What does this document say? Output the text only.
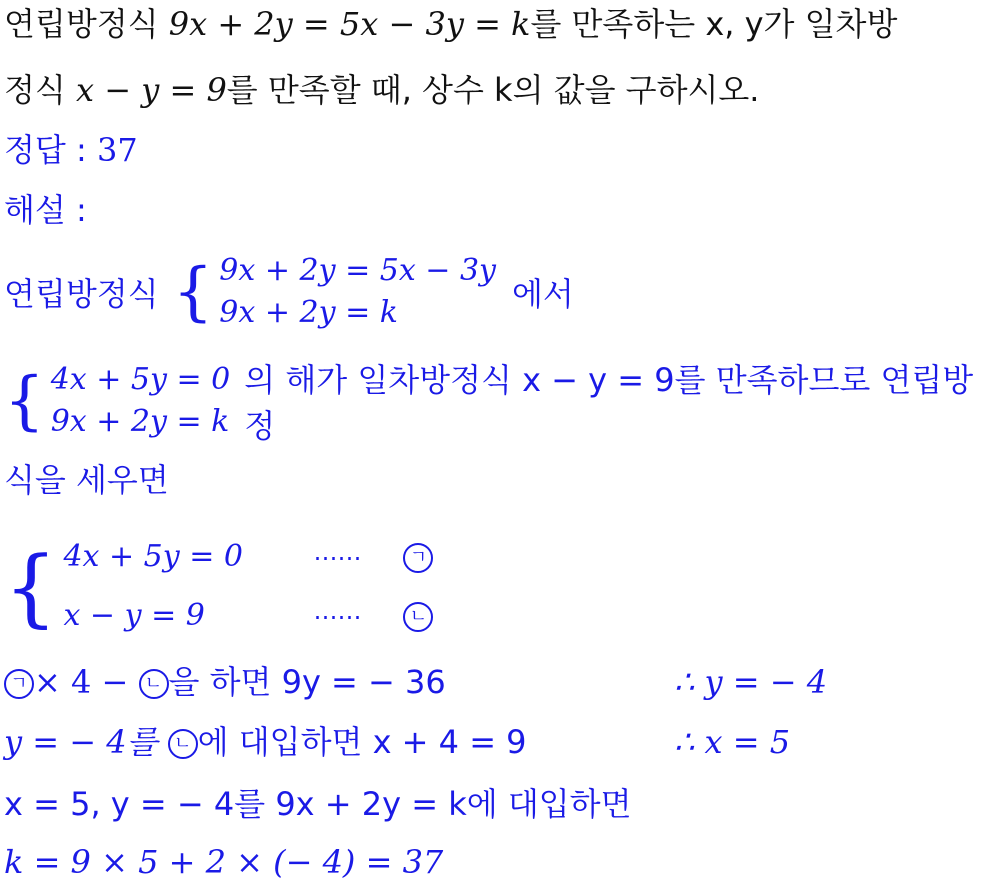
연립방정식 9x + 2y = 5x − 3y = k를 만족하는 x, y가 일차방
정식 x − y = 9를 만족할 때, 상수 k의 값을 구하시오.
정답 : 37
해설 :
연립방정식 { 9x + 2y = 5x − 3y
9x + 2y = k	에서
{ 4x + 5y = 0
9x + 2y = k
의 해가 일차방정식 x − y = 9를 만족하므로 연립방정
식을 세우면
{ 4x + 5y = 0	⋯⋯	ㄱ
x − y = 9	⋯⋯	ㄴ
ㄱ × 4 − ㄴ 을 하면 9y = − 36	∴ y = − 4
y = − 4를 ㄴ 에 대입하면 x + 4 = 9	∴ x = 5
x = 5, y = − 4를 9x + 2y = k에 대입하면
k = 9 × 5 + 2 × (− 4) = 37
